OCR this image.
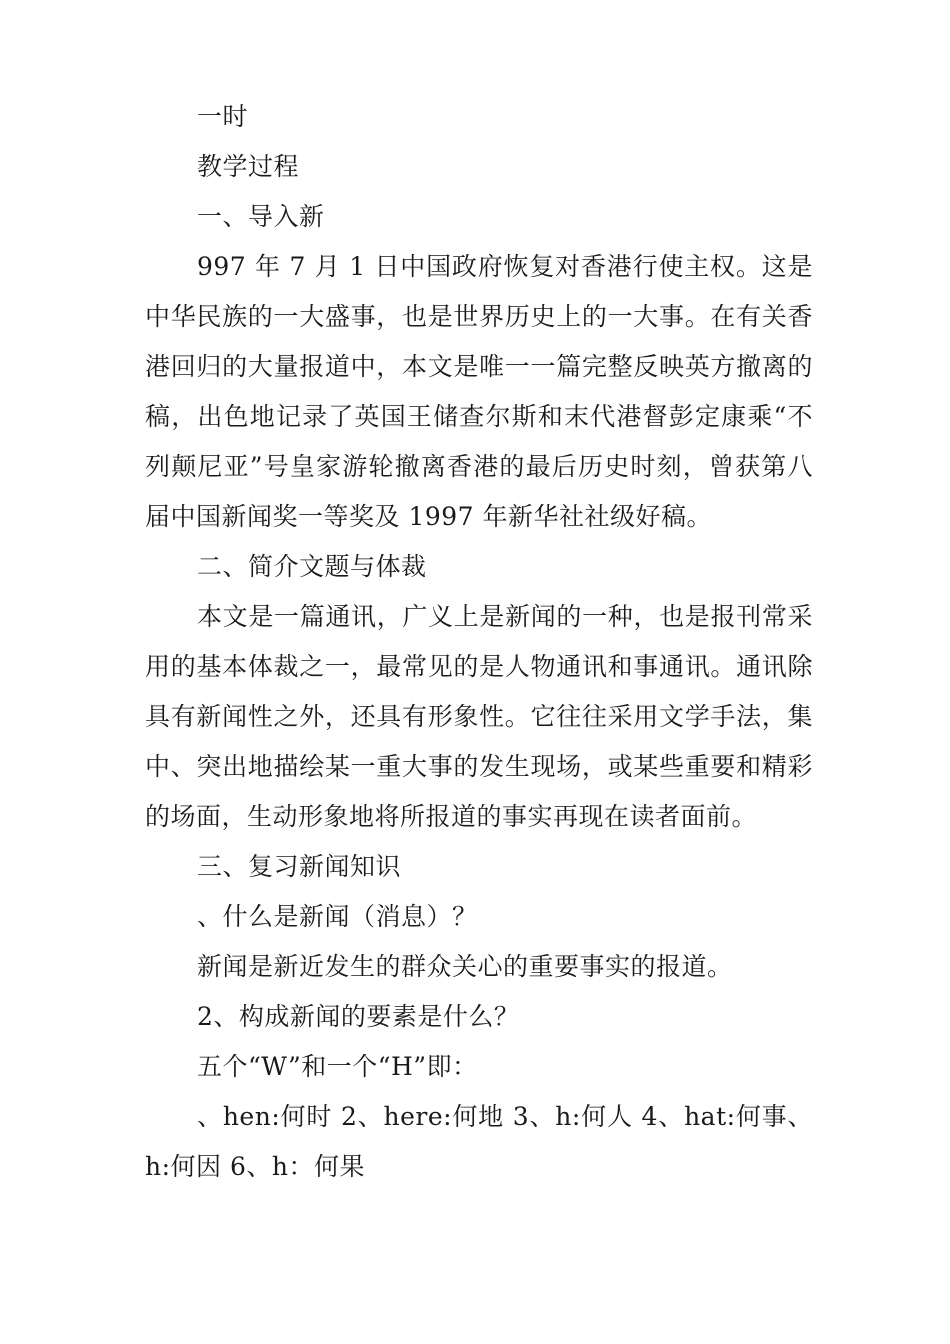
一时

教学过程

一、导入新

997 年 7 月 1 日中国政府恢复对香港行使主权。这是中华民族的一大盛事，也是世界历史上的一大事。在有关香港回归的大量报道中，本文是唯一一篇完整反映英方撤离的稿，出色地记录了英国王储查尔斯和末代港督彭定康乘“不列颠尼亚”号皇家游轮撤离香港的最后历史时刻，曾获第八届中国新闻奖一等奖及 1997 年新华社社级好稿。

二、简介文题与体裁

本文是一篇通讯，广义上是新闻的一种，也是报刊常采用的基本体裁之一，最常见的是人物通讯和事通讯。通讯除具有新闻性之外，还具有形象性。它往往采用文学手法，集中、突出地描绘某一重大事的发生现场，或某些重要和精彩的场面，生动形象地将所报道的事实再现在读者面前。

三、复习新闻知识

、什么是新闻（消息）？

新闻是新近发生的群众关心的重要事实的报道。

2、构成新闻的要素是什么？

五个“W”和一个“H”即：

、hen:何时 2、here:何地 3、h:何人 4、hat:何事、h:何因 6、h：何果
